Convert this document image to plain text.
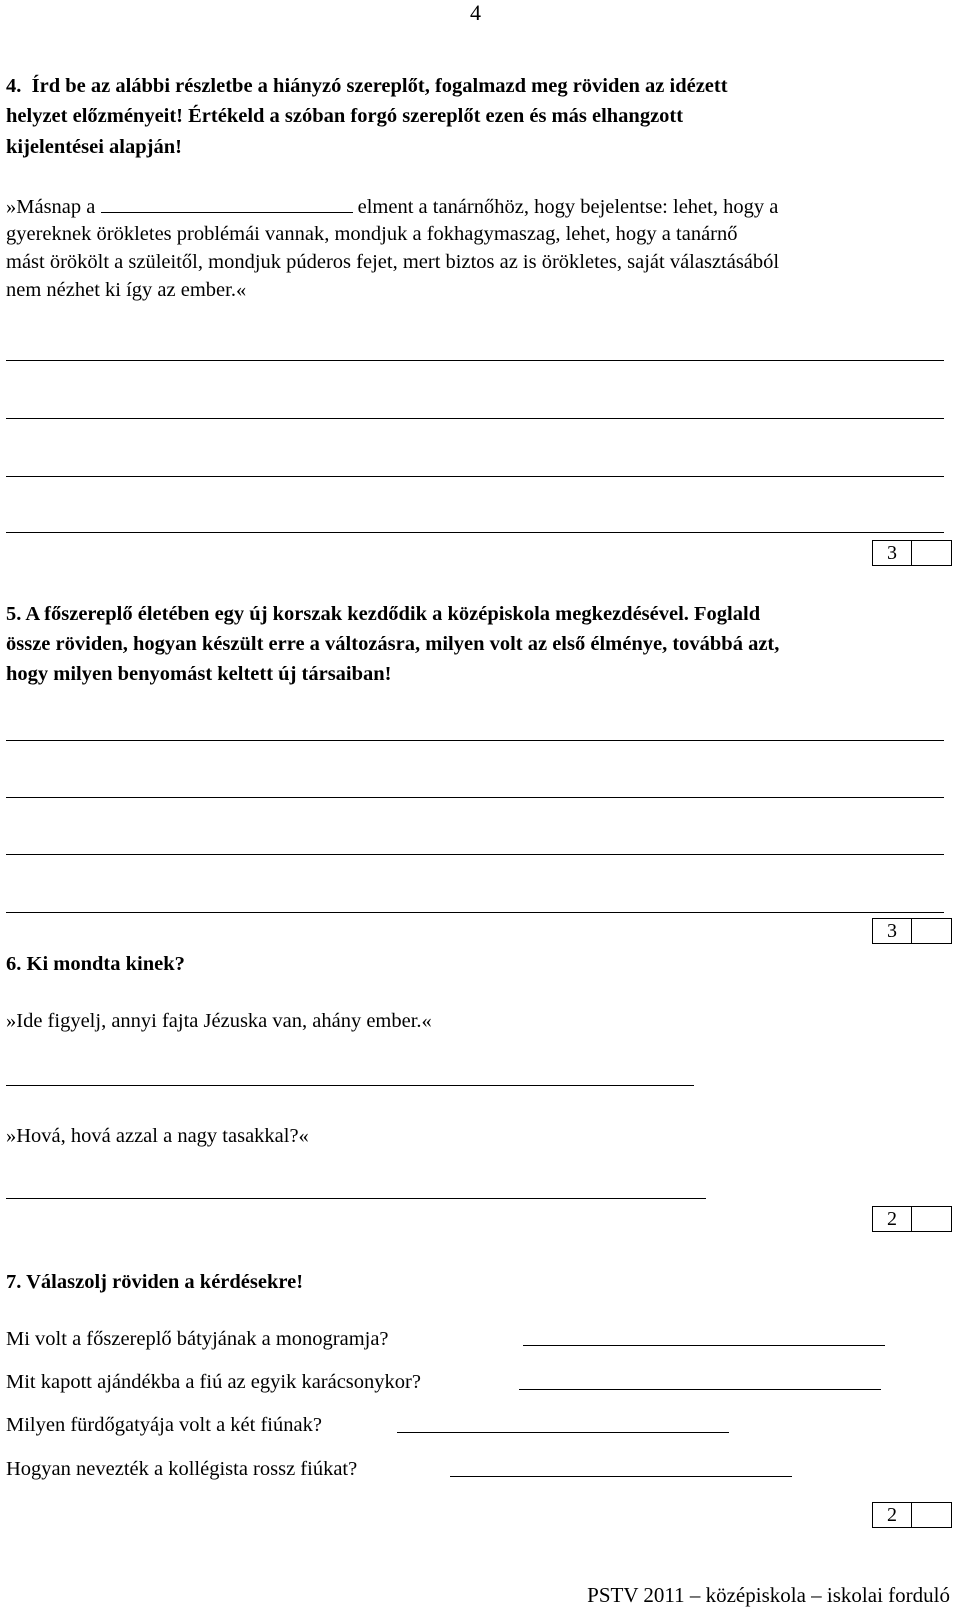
4
4. Írd be az alábbi részletbe a hiányzó szereplőt, fogalmazd meg röviden az idézett
helyzet előzményeit! Értékeld a szóban forgó szereplőt ezen és más elhangzott
kijelentései alapján!
»Másnap a	elment a tanárnőhöz, hogy bejelentse: lehet, hogy a
gyereknek örökletes problémái vannak, mondjuk a fokhagymaszag, lehet, hogy a tanárnő
mást örökölt a szüleitől, mondjuk púderos fejet, mert biztos az is örökletes, saját választásából
nem nézhet ki így az ember.«
3
5. A főszereplő életében egy új korszak kezdődik a középiskola megkezdésével. Foglald
össze röviden, hogyan készült erre a változásra, milyen volt az első élménye, továbbá azt,
hogy milyen benyomást keltett új társaiban!
3
6. Ki mondta kinek?
»Ide figyelj, annyi fajta Jézuska van, ahány ember.«
»Hová, hová azzal a nagy tasakkal?«
2
7. Válaszolj röviden a kérdésekre!
Mi volt a főszereplő bátyjának a monogramja?
Mit kapott ajándékba a fiú az egyik karácsonykor?
Milyen fürdőgatyája volt a két fiúnak?
Hogyan nevezték a kollégista rossz fiúkat?
2
PSTV 2011 – középiskola – iskolai forduló
